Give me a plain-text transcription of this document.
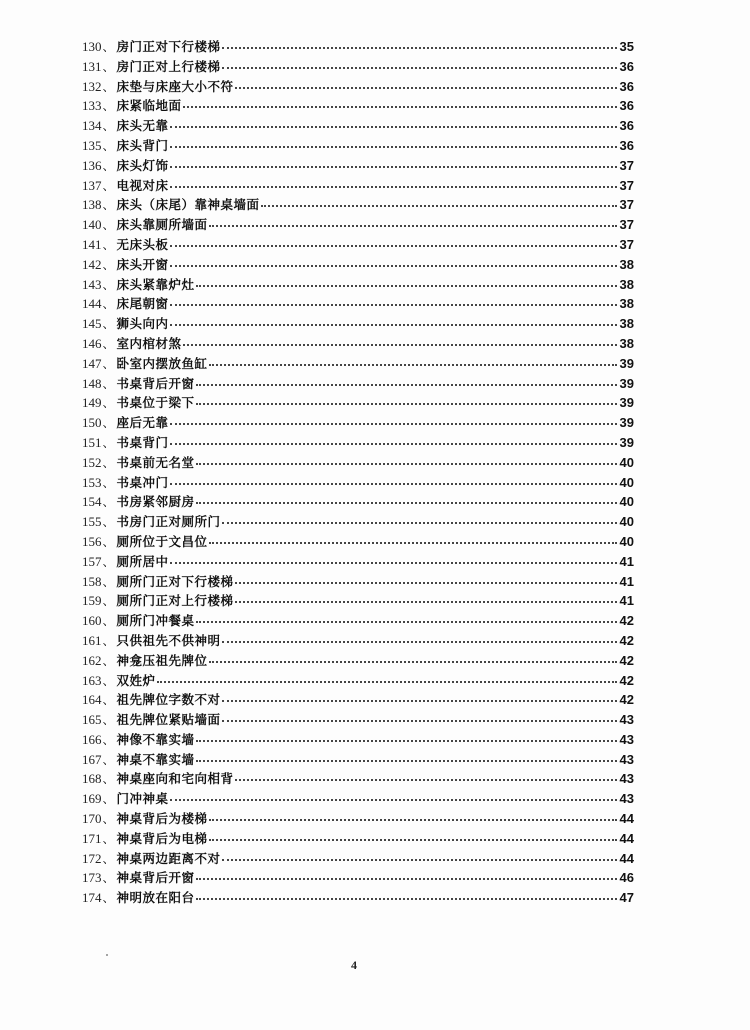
130 、 房门正对下行楼梯	35
131 、 房门正对上行楼梯	36
132 、 床垫与床座大小不符	36
133 、 床紧临地面	36
134 、 床头无靠	36
135 、 床头背门	36
136 、 床头灯饰	37
137 、 电视对床	37
138 、 床头（床尾）靠神桌墙面	37
140 、 床头靠厕所墙面	37
141 、 无床头板	37
142 、 床头开窗	38
143 、 床头紧靠炉灶	38
144 、 床尾朝窗	38
145 、 狮头向内	38
146 、 室内棺材煞	38
147 、 卧室内摆放鱼缸	39
148 、 书桌背后开窗	39
149 、 书桌位于梁下	39
150 、 座后无靠	39
151 、 书桌背门	39
152 、 书桌前无名堂	40
153 、 书桌冲门	40
154 、 书房紧邻厨房	40
155 、 书房门正对厕所门	40
156 、 厕所位于文昌位	40
157 、 厕所居中	41
158 、 厕所门正对下行楼梯	41
159 、 厕所门正对上行楼梯	41
160 、 厕所门冲餐桌	42
161 、 只供祖先不供神明	42
162 、 神龛压祖先牌位	42
163 、 双姓炉	42
164 、 祖先牌位字数不对	42
165 、 祖先牌位紧贴墙面	43
166 、 神像不靠实墙	43
167 、 神桌不靠实墙	43
168 、 神桌座向和宅向相背	43
169 、 门冲神桌	43
170 、 神桌背后为楼梯	44
171 、 神桌背后为电梯	44
172 、 神桌两边距离不对	44
173 、 神桌背后开窗	46
174 、 神明放在阳台	47
4
